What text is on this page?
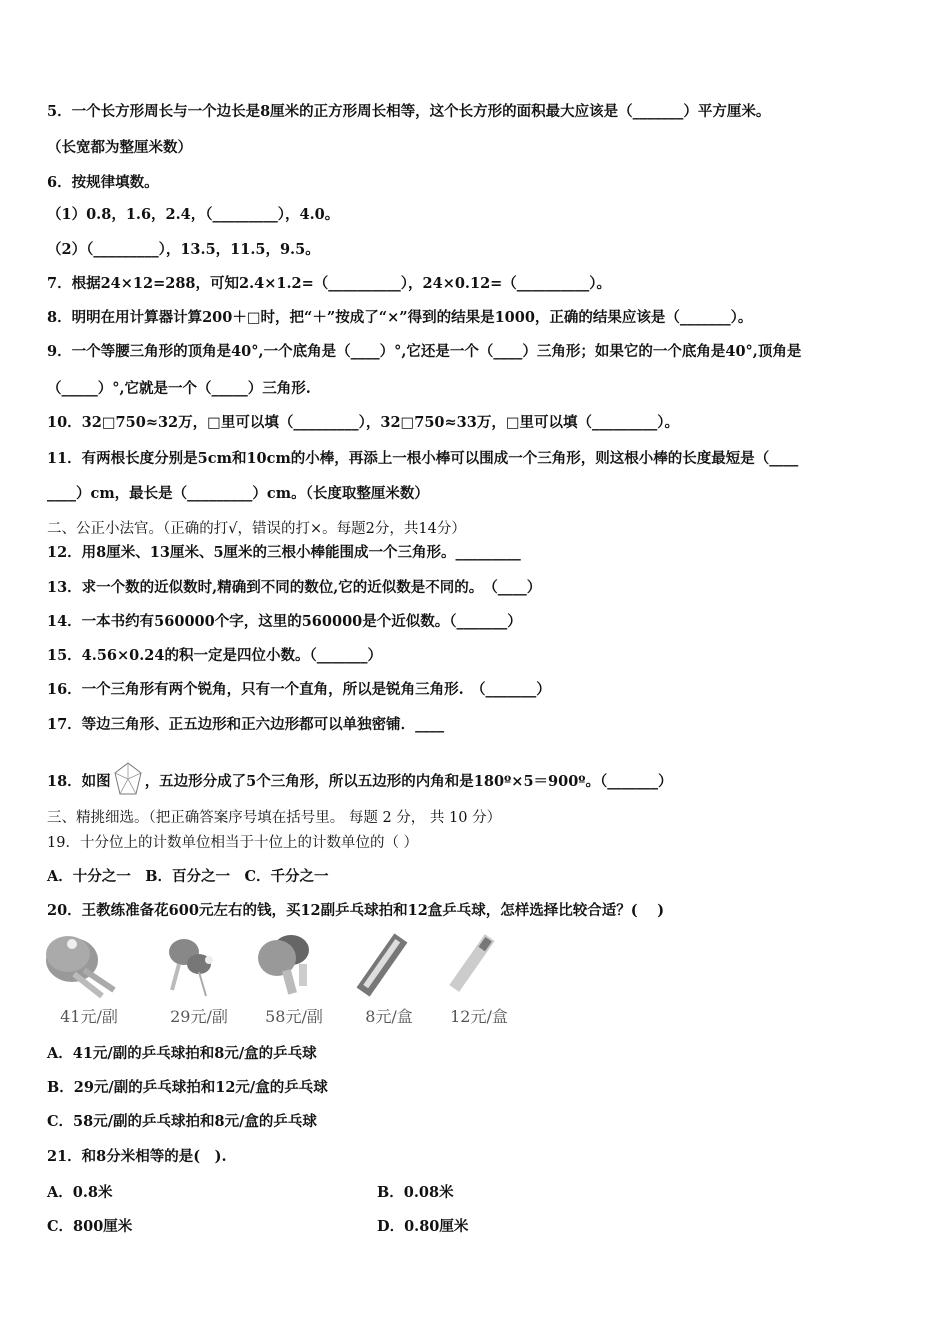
5．一个长方形周长与一个边长是8厘米的正方形周长相等，这个长方形的面积最大应该是（_______）平方厘米。
（长宽都为整厘米数）
6．按规律填数。
（1）0.8，1.6，2.4，（_________），4.0。
（2）（_________），13.5，11.5，9.5。
7．根据24×12=288，可知2.4×1.2=（__________），24×0.12=（__________）。
8．明明在用计算器计算200＋□时，把“＋”按成了“×”得到的结果是1000，正确的结果应该是（_______）。
9．一个等腰三角形的顶角是40°,一个底角是（____）°,它还是一个（____）三角形；如果它的一个底角是40°,顶角是
（_____）°,它就是一个（_____）三角形.
10．32□750≈32万，□里可以填（_________），32□750≈33万，□里可以填（_________）。
11．有两根长度分别是5cm和10cm的小棒，再添上一根小棒可以围成一个三角形，则这根小棒的长度最短是（____
____）cm，最长是（_________）cm。（长度取整厘米数）
二、公正小法官。（正确的打√，错误的打×。每题2分，共14分）
12．用8厘米、13厘米、5厘米的三根小棒能围成一个三角形。_________
13．求一个数的近似数时,精确到不同的数位,它的近似数是不同的。　（____）
14．一本书约有560000个字，这里的560000是个近似数。（_______）
15．4.56×0.24的积一定是四位小数。（_______）
16．一个三角形有两个锐角，只有一个直角，所以是锐角三角形.　（_______）
17．等边三角形、正五边形和正六边形都可以单独密铺．____
18．如图 ，五边形分成了5个三角形，所以五边形的内角和是180º×5＝900º。（_______）
三、精挑细选。（把正确答案序号填在括号里。 每题 2 分， 共 10 分）
19．十分位上的计数单位相当于十位上的计数单位的（ ）
A．十分之一　B．百分之一　C．千分之一
20．王教练准备花600元左右的钱，买12副乒乓球拍和12盒乒乓球，怎样选择比较合适？(　 )
41元/副	29元/副	58元/副	8元/盒	12元/盒
A．41元/副的乒乓球拍和8元/盒的乒乓球
B．29元/副的乒乓球拍和12元/盒的乒乓球
C．58元/副的乒乓球拍和8元/盒的乒乓球
21．和8分米相等的是(　).
A．0.8米	B．0.08米
C．800厘米	D．0.80厘米
